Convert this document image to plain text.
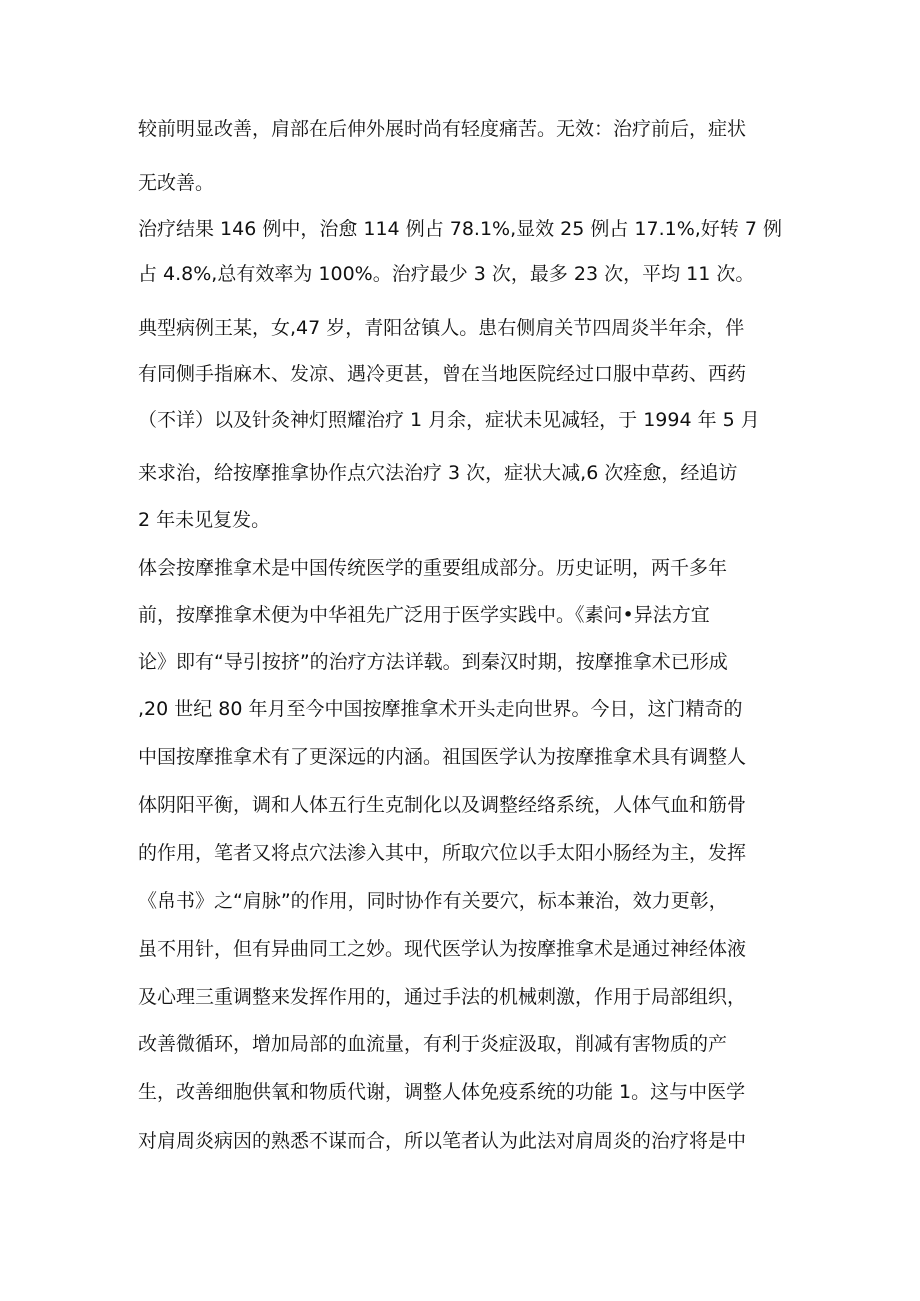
较前明显改善，肩部在后伸外展时尚有轻度痛苦。无效：治疗前后，症状

无改善。

治疗结果 146 例中，治愈 114 例占 78.1%,显效 25 例占 17.1%,好转 7 例

占 4.8%,总有效率为 100%。治疗最少 3 次，最多 23 次，平均 11 次。

典型病例王某，女,47 岁，青阳岔镇人。患右侧肩关节四周炎半年余，伴

有同侧手指麻木、发凉、遇冷更甚，曾在当地医院经过口服中草药、西药

（不详）以及针灸神灯照耀治疗 1 月余，症状未见减轻，于 1994 年 5 月

来求治，给按摩推拿协作点穴法治疗 3 次，症状大减,6 次痊愈，经追访

2 年未见复发。

体会按摩推拿术是中国传统医学的重要组成部分。历史证明，两千多年

前，按摩推拿术便为中华祖先广泛用于医学实践中。《素问•异法方宜

论》即有“导引按挤”的治疗方法详载。到秦汉时期，按摩推拿术已形成

,20 世纪 80 年月至今中国按摩推拿术开头走向世界。今日，这门精奇的

中国按摩推拿术有了更深远的内涵。祖国医学认为按摩推拿术具有调整人

体阴阳平衡，调和人体五行生克制化以及调整经络系统，人体气血和筋骨

的作用，笔者又将点穴法渗入其中，所取穴位以手太阳小肠经为主，发挥

《帛书》之“肩脉”的作用，同时协作有关要穴，标本兼治，效力更彰，

虽不用针，但有异曲同工之妙。现代医学认为按摩推拿术是通过神经体液

及心理三重调整来发挥作用的，通过手法的机械刺激，作用于局部组织，

改善微循环，增加局部的血流量，有利于炎症汲取，削减有害物质的产

生，改善细胞供氧和物质代谢，调整人体免疫系统的功能 1。这与中医学

对肩周炎病因的熟悉不谋而合，所以笔者认为此法对肩周炎的治疗将是中
